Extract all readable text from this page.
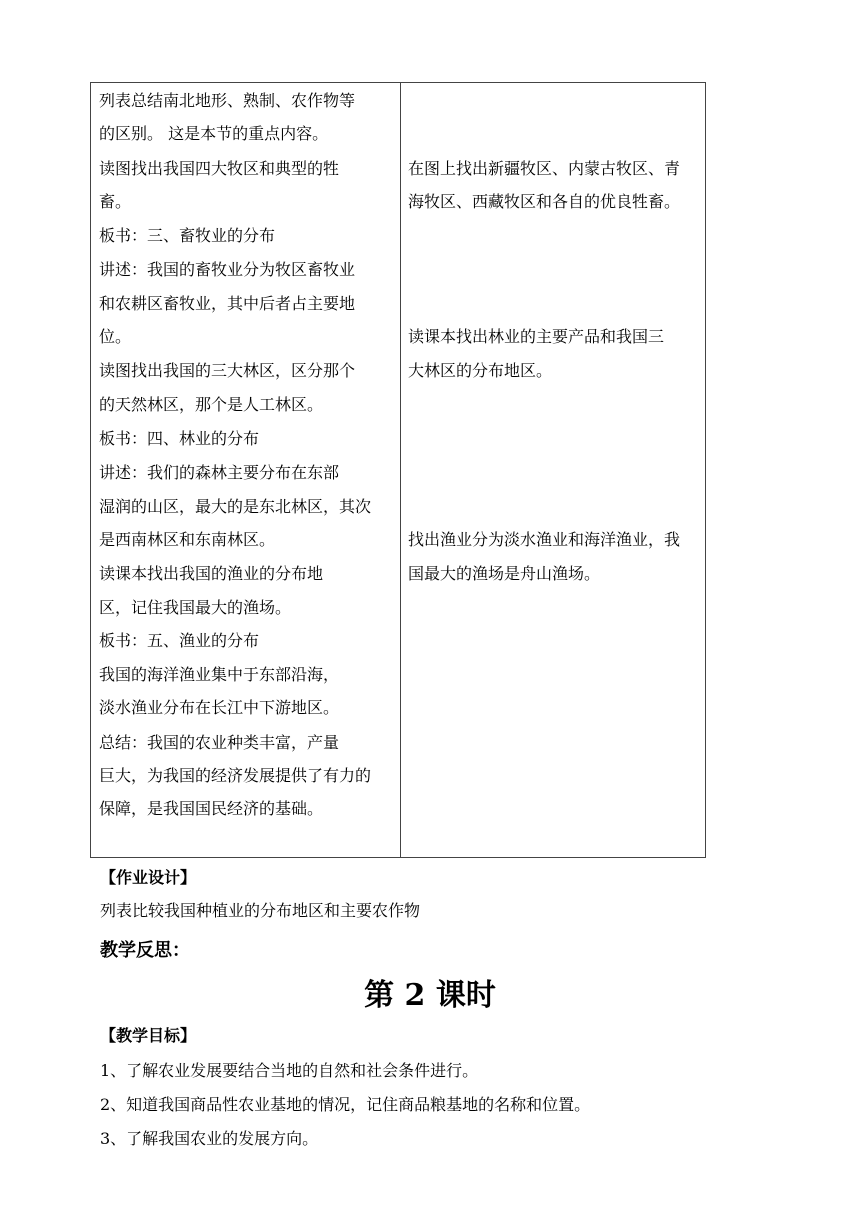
列表总结南北地形、熟制、农作物等
的区别。 这是本节的重点内容。
读图找出我国四大牧区和典型的牲
畜。
板书：三、畜牧业的分布
讲述：我国的畜牧业分为牧区畜牧业
和农耕区畜牧业，其中后者占主要地
位。
读图找出我国的三大林区，区分那个
的天然林区，那个是人工林区。
板书：四、林业的分布
讲述：我们的森林主要分布在东部
湿润的山区，最大的是东北林区，其次
是西南林区和东南林区。
读课本找出我国的渔业的分布地
区，记住我国最大的渔场。
板书：五、渔业的分布
我国的海洋渔业集中于东部沿海，
淡水渔业分布在长江中下游地区。
总结：我国的农业种类丰富，产量
巨大，为我国的经济发展提供了有力的
保障，是我国国民经济的基础。
在图上找出新疆牧区、内蒙古牧区、青
海牧区、西藏牧区和各自的优良牲畜。
读课本找出林业的主要产品和我国三
大林区的分布地区。
找出渔业分为淡水渔业和海洋渔业，我
国最大的渔场是舟山渔场。
【作业设计】
列表比较我国种植业的分布地区和主要农作物
教学反思：
第 2 课时
【教学目标】
1、了解农业发展要结合当地的自然和社会条件进行。
2、知道我国商品性农业基地的情况，记住商品粮基地的名称和位置。
3、了解我国农业的发展方向。
